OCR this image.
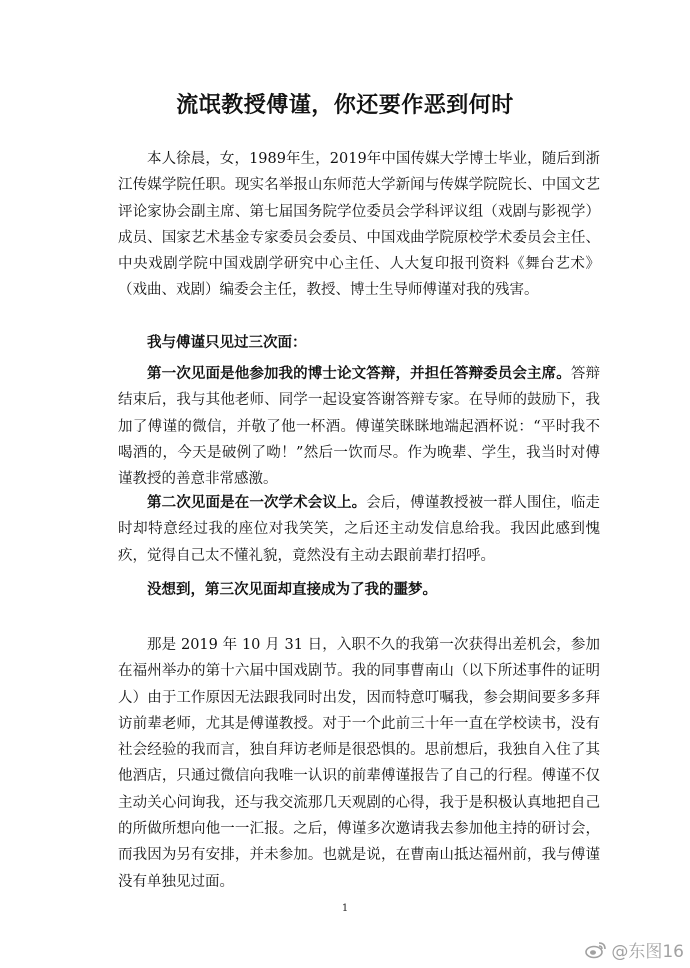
流氓教授傅谨，你还要作恶到何时

本人徐晨，女，1989年生，2019年中国传媒大学博士毕业，随后到浙江传媒学院任职。现实名举报山东师范大学新闻与传媒学院院长、中国文艺评论家协会副主席、第七届国务院学位委员会学科评议组（戏剧与影视学）成员、国家艺术基金专家委员会委员、中国戏曲学院原校学术委员会主任、中央戏剧学院中国戏剧学研究中心主任、人大复印报刊资料《舞台艺术》（戏曲、戏剧）编委会主任，教授、博士生导师傅谨对我的残害。

我与傅谨只见过三次面：

第一次见面是他参加我的博士论文答辩，并担任答辩委员会主席。答辩结束后，我与其他老师、同学一起设宴答谢答辩专家。在导师的鼓励下，我加了傅谨的微信，并敬了他一杯酒。傅谨笑眯眯地端起酒杯说：“平时我不喝酒的，今天是破例了呦！”然后一饮而尽。作为晚辈、学生，我当时对傅谨教授的善意非常感激。

第二次见面是在一次学术会议上。会后，傅谨教授被一群人围住，临走时却特意经过我的座位对我笑笑，之后还主动发信息给我。我因此感到愧疚，觉得自己太不懂礼貌，竟然没有主动去跟前辈打招呼。

没想到，第三次见面却直接成为了我的噩梦。

那是 2019 年 10 月 31 日，入职不久的我第一次获得出差机会，参加在福州举办的第十六届中国戏剧节。我的同事曹南山（以下所述事件的证明人）由于工作原因无法跟我同时出发，因而特意叮嘱我，参会期间要多多拜访前辈老师，尤其是傅谨教授。对于一个此前三十年一直在学校读书，没有社会经验的我而言，独自拜访老师是很恐惧的。思前想后，我独自入住了其他酒店，只通过微信向我唯一认识的前辈傅谨报告了自己的行程。傅谨不仅主动关心问询我，还与我交流那几天观剧的心得，我于是积极认真地把自己的所做所想向他一一汇报。之后，傅谨多次邀请我去参加他主持的研讨会，而我因为另有安排，并未参加。也就是说，在曹南山抵达福州前，我与傅谨没有单独见过面。

1
@东图16
